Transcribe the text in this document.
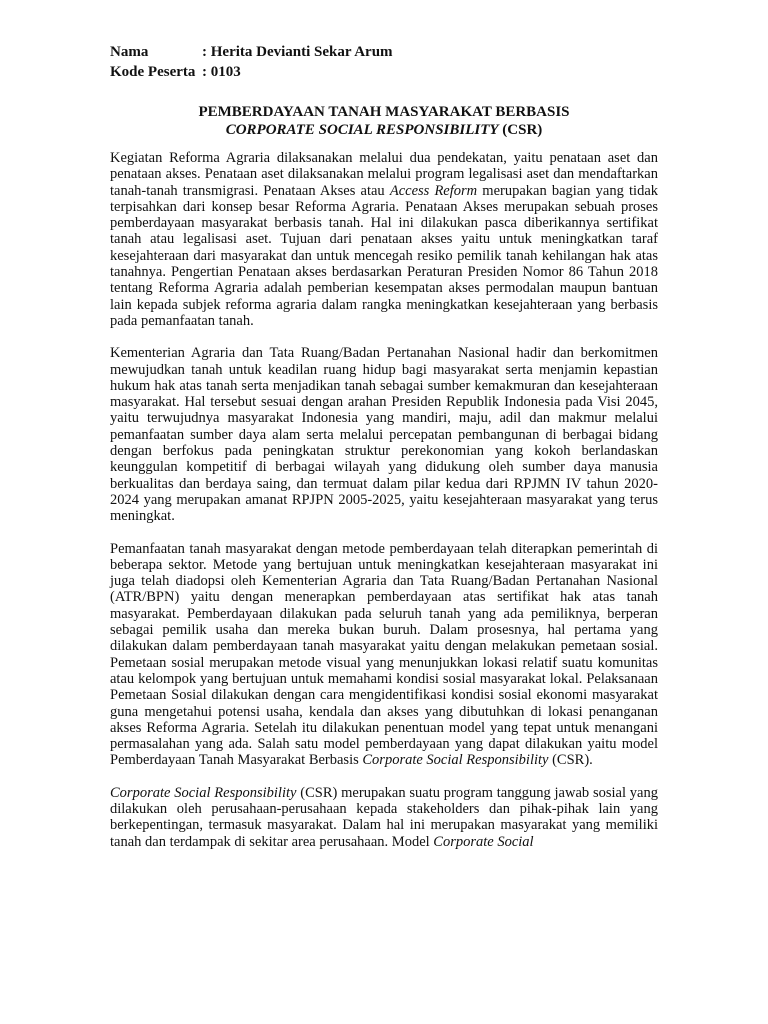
Nama	: Herita Devianti Sekar Arum
Kode Peserta : 0103
PEMBERDAYAAN TANAH MASYARAKAT BERBASIS
CORPORATE SOCIAL RESPONSIBILITY (CSR)

Kegiatan Reforma Agraria dilaksanakan melalui dua pendekatan, yaitu penataan aset dan penataan akses. Penataan aset dilaksanakan melalui program legalisasi aset dan mendaftarkan tanah-tanah transmigrasi. Penataan Akses atau Access Reform merupakan bagian yang tidak terpisahkan dari konsep besar Reforma Agraria. Penataan Akses merupakan sebuah proses pemberdayaan masyarakat berbasis tanah. Hal ini dilakukan pasca diberikannya sertifikat tanah atau legalisasi aset. Tujuan dari penataan akses yaitu untuk meningkatkan taraf kesejahteraan dari masyarakat dan untuk mencegah resiko pemilik tanah kehilangan hak atas tanahnya. Pengertian Penataan akses berdasarkan Peraturan Presiden Nomor 86 Tahun 2018 tentang Reforma Agraria adalah pemberian kesempatan akses permodalan maupun bantuan lain kepada subjek reforma agraria dalam rangka meningkatkan kesejahteraan yang berbasis pada pemanfaatan tanah.

Kementerian Agraria dan Tata Ruang/Badan Pertanahan Nasional hadir dan berkomitmen mewujudkan tanah untuk keadilan ruang hidup bagi masyarakat serta menjamin kepastian hukum hak atas tanah serta menjadikan tanah sebagai sumber kemakmuran dan kesejahteraan masyarakat. Hal tersebut sesuai dengan arahan Presiden Republik Indonesia pada Visi 2045, yaitu terwujudnya masyarakat Indonesia yang mandiri, maju, adil dan makmur melalui pemanfaatan sumber daya alam serta melalui percepatan pembangunan di berbagai bidang dengan berfokus pada peningkatan struktur perekonomian yang kokoh berlandaskan keunggulan kompetitif di berbagai wilayah yang didukung oleh sumber daya manusia berkualitas dan berdaya saing, dan termuat dalam pilar kedua dari RPJMN IV tahun 2020-2024 yang merupakan amanat RPJPN 2005-2025, yaitu kesejahteraan masyarakat yang terus meningkat.

Pemanfaatan tanah masyarakat dengan metode pemberdayaan telah diterapkan pemerintah di beberapa sektor. Metode yang bertujuan untuk meningkatkan kesejahteraan masyarakat ini juga telah diadopsi oleh Kementerian Agraria dan Tata Ruang/Badan Pertanahan Nasional (ATR/BPN) yaitu dengan menerapkan pemberdayaan atas sertifikat hak atas tanah masyarakat. Pemberdayaan dilakukan pada seluruh tanah yang ada pemiliknya, berperan sebagai pemilik usaha dan mereka bukan buruh. Dalam prosesnya, hal pertama yang dilakukan dalam pemberdayaan tanah masyarakat yaitu dengan melakukan pemetaan sosial. Pemetaan sosial merupakan metode visual yang menunjukkan lokasi relatif suatu komunitas atau kelompok yang bertujuan untuk memahami kondisi sosial masyarakat lokal. Pelaksanaan Pemetaan Sosial dilakukan dengan cara mengidentifikasi kondisi sosial ekonomi masyarakat guna mengetahui potensi usaha, kendala dan akses yang dibutuhkan di lokasi penanganan akses Reforma Agraria. Setelah itu dilakukan penentuan model yang tepat untuk menangani permasalahan yang ada. Salah satu model pemberdayaan yang dapat dilakukan yaitu model Pemberdayaan Tanah Masyarakat Berbasis Corporate Social Responsibility (CSR).

Corporate Social Responsibility (CSR) merupakan suatu program tanggung jawab sosial yang dilakukan oleh perusahaan-perusahaan kepada stakeholders dan pihak-pihak lain yang berkepentingan, termasuk masyarakat. Dalam hal ini merupakan masyarakat yang memiliki tanah dan terdampak di sekitar area perusahaan. Model Corporate Social
